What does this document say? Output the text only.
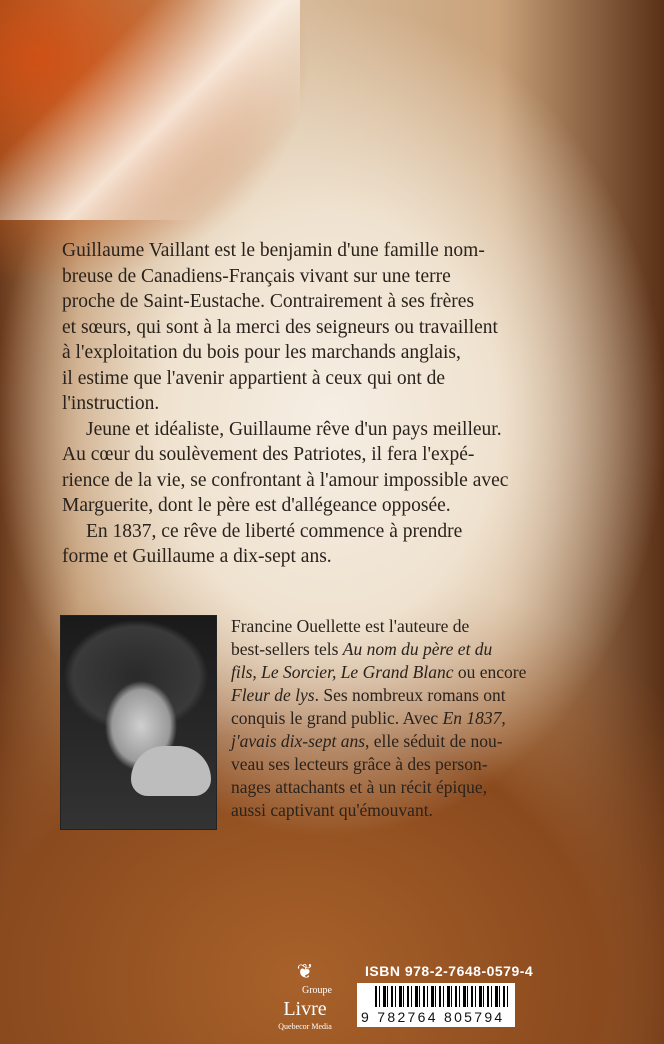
Guillaume Vaillant est le benjamin d'une famille nom-
breuse de Canadiens-Français vivant sur une terre
proche de Saint-Eustache. Contrairement à ses frères
et sœurs, qui sont à la merci des seigneurs ou travaillent
à l'exploitation du bois pour les marchands anglais,
il estime que l'avenir appartient à ceux qui ont de
l'instruction.
Jeune et idéaliste, Guillaume rêve d'un pays meilleur.
Au cœur du soulèvement des Patriotes, il fera l'expé-
rience de la vie, se confrontant à l'amour impossible avec
Marguerite, dont le père est d'allégeance opposée.
En 1837, ce rêve de liberté commence à prendre
forme et Guillaume a dix-sept ans.
Francine Ouellette est l'auteure de
best-sellers tels Au nom du père et du
fils, Le Sorcier, Le Grand Blanc ou encore
Fleur de lys. Ses nombreux romans ont
conquis le grand public. Avec En 1837,
j'avais dix-sept ans, elle séduit de nou-
veau ses lecteurs grâce à des person-
nages attachants et à un récit épique,
aussi captivant qu'émouvant.
❦
Groupe
Livre
Quebecor Media
ISBN 978-2-7648-0579-4
9 782764 805794
